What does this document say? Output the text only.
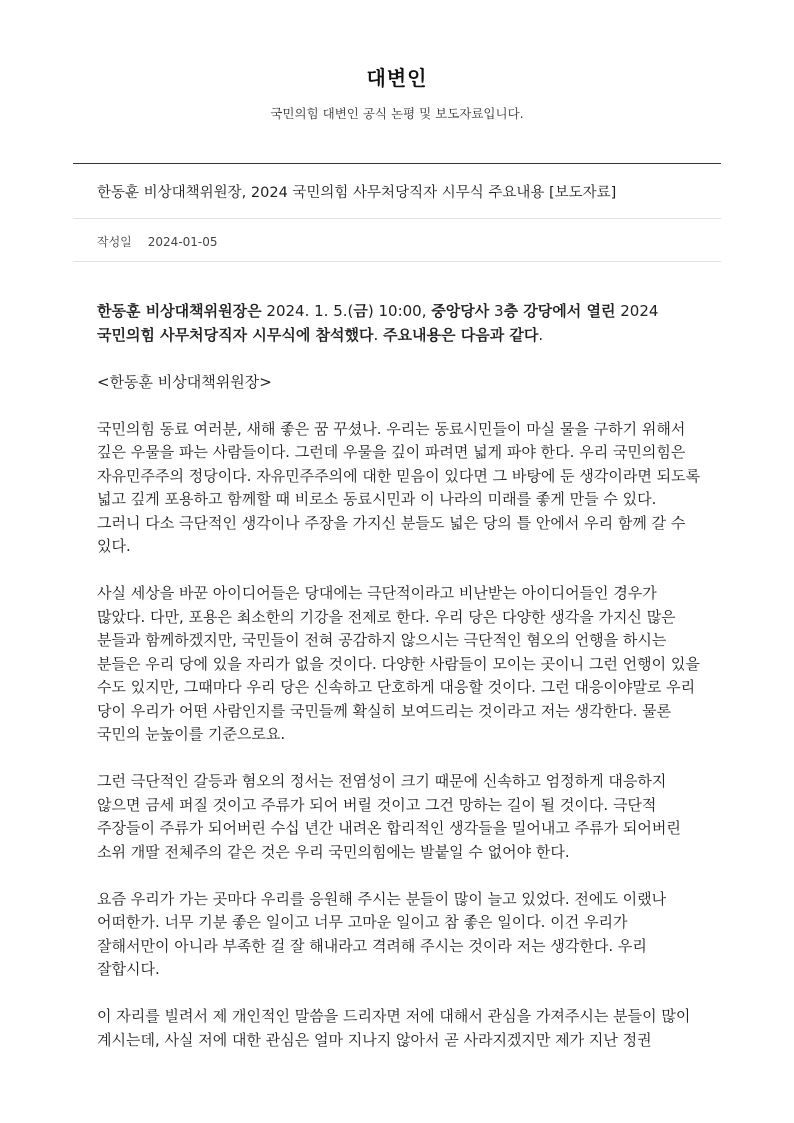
대변인
국민의힘 대변인 공식 논평 및 보도자료입니다.
한동훈 비상대책위원장, 2024 국민의힘 사무처당직자 시무식 주요내용 [보도자료]
작성일 2024-01-05

한동훈 비상대책위원장은 2024. 1. 5.(금) 10:00, 중앙당사 3층 강당에서 열린 2024 국민의힘 사무처당직자 시무식에 참석했다. 주요내용은 다음과 같다.

<한동훈 비상대책위원장>

국민의힘 동료 여러분, 새해 좋은 꿈 꾸셨나. 우리는 동료시민들이 마실 물을 구하기 위해서 깊은 우물을 파는 사람들이다. 그런데 우물을 깊이 파려면 넓게 파야 한다. 우리 국민의힘은 자유민주주의 정당이다. 자유민주주의에 대한 믿음이 있다면 그 바탕에 둔 생각이라면 되도록 넓고 깊게 포용하고 함께할 때 비로소 동료시민과 이 나라의 미래를 좋게 만들 수 있다. 그러니 다소 극단적인 생각이나 주장을 가지신 분들도 넓은 당의 틀 안에서 우리 함께 갈 수 있다.

사실 세상을 바꾼 아이디어들은 당대에는 극단적이라고 비난받는 아이디어들인 경우가 많았다. 다만, 포용은 최소한의 기강을 전제로 한다. 우리 당은 다양한 생각을 가지신 많은 분들과 함께하겠지만, 국민들이 전혀 공감하지 않으시는 극단적인 혐오의 언행을 하시는 분들은 우리 당에 있을 자리가 없을 것이다. 다양한 사람들이 모이는 곳이니 그런 언행이 있을 수도 있지만, 그때마다 우리 당은 신속하고 단호하게 대응할 것이다. 그런 대응이야말로 우리 당이 우리가 어떤 사람인지를 국민들께 확실히 보여드리는 것이라고 저는 생각한다. 물론 국민의 눈높이를 기준으로요.

그런 극단적인 갈등과 혐오의 정서는 전염성이 크기 때문에 신속하고 엄정하게 대응하지 않으면 금세 퍼질 것이고 주류가 되어 버릴 것이고 그건 망하는 길이 될 것이다. 극단적 주장들이 주류가 되어버린 수십 년간 내려온 합리적인 생각들을 밀어내고 주류가 되어버린 소위 개딸 전체주의 같은 것은 우리 국민의힘에는 발붙일 수 없어야 한다.

요즘 우리가 가는 곳마다 우리를 응원해 주시는 분들이 많이 늘고 있었다. 전에도 이랬나 어떠한가. 너무 기분 좋은 일이고 너무 고마운 일이고 참 좋은 일이다. 이건 우리가 잘해서만이 아니라 부족한 걸 잘 해내라고 격려해 주시는 것이라 저는 생각한다. 우리 잘합시다.

이 자리를 빌려서 제 개인적인 말씀을 드리자면 저에 대해서 관심을 가져주시는 분들이 많이 계시는데, 사실 저에 대한 관심은 얼마 지나지 않아서 곧 사라지겠지만 제가 지난 정권
